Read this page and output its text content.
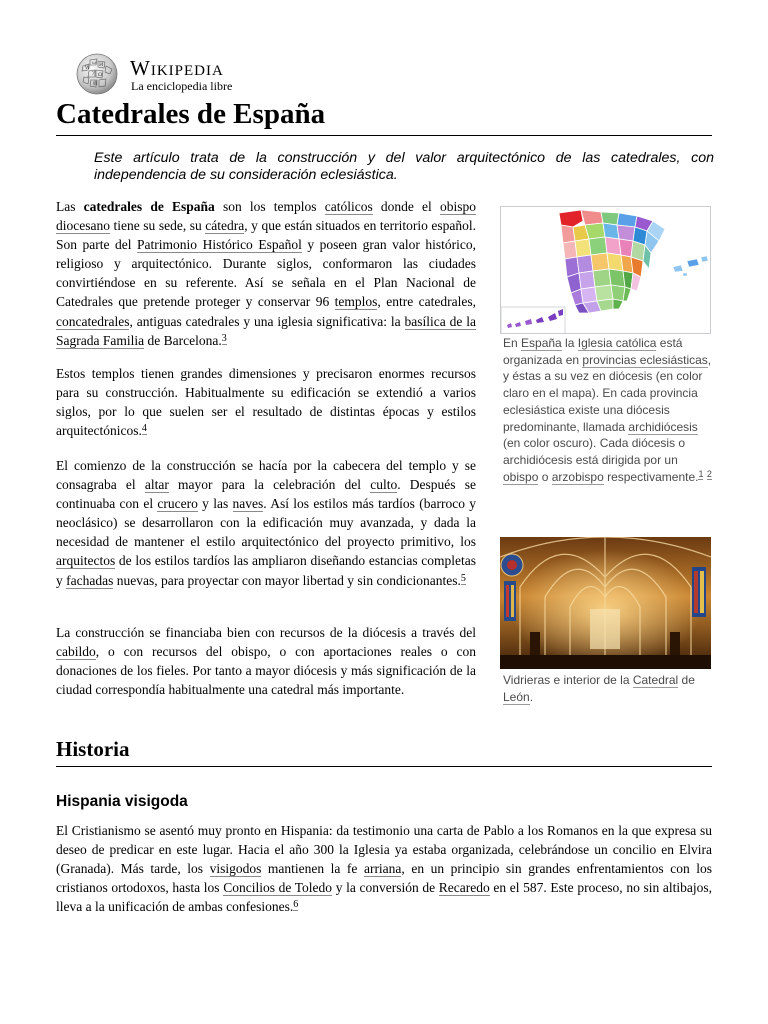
W
ω И
ア Ω
維
Wikipedia
La enciclopedia libre
Catedrales de España
Este artículo trata de la construcción y del valor arquitectónico de las catedrales, con independencia de su consideración eclesiástica.

Las catedrales de España son los templos católicos donde el obispo diocesano tiene su sede, su cátedra, y que están situados en territorio español. Son parte del Patrimonio Histórico Español y poseen gran valor histórico, religioso y arquitectónico. Durante siglos, conformaron las ciudades convirtiéndose en su referente. Así se señala en el Plan Nacional de Catedrales que pretende proteger y conservar 96 templos, entre catedrales, concatedrales, antiguas catedrales y una iglesia significativa: la basílica de la Sagrada Familia de Barcelona.$^3$

Estos templos tienen grandes dimensiones y precisaron enormes recursos para su construcción. Habitualmente su edificación se extendió a varios siglos, por lo que suelen ser el resultado de distintas épocas y estilos arquitectónicos.$^4$

El comienzo de la construcción se hacía por la cabecera del templo y se consagraba el altar mayor para la celebración del culto. Después se continuaba con el crucero y las naves. Así los estilos más tardíos (barroco y neoclásico) se desarrollaron con la edificación muy avanzada, y dada la necesidad de mantener el estilo arquitectónico del proyecto primitivo, los arquitectos de los estilos tardíos las ampliaron diseñando estancias completas y fachadas nuevas, para proyectar con mayor libertad y sin condicionantes.$^5$

La construcción se financiaba bien con recursos de la diócesis a través del cabildo, o con recursos del obispo, o con aportaciones reales o con donaciones de los fieles. Por tanto a mayor diócesis y más significación de la ciudad correspondía habitualmente una catedral más importante.

En España la Iglesia católica está organizada en provincias eclesiásticas, y éstas a su vez en diócesis (en color claro en el mapa). En cada provincia eclesiástica existe una diócesis predominante, llamada archidiócesis (en color oscuro). Cada diócesis o archidiócesis está dirigida por un obispo o arzobispo respectivamente.$^1$ $^2$
Vidrieras e interior de la Catedral de León.
Historia
Hispania visigoda

El Cristianismo se asentó muy pronto en Hispania: da testimonio una carta de Pablo a los Romanos en la que expresa su deseo de predicar en este lugar. Hacia el año 300 la Iglesia ya estaba organizada, celebrándose un concilio en Elvira (Granada). Más tarde, los visigodos mantienen la fe arriana, en un principio sin grandes enfrentamientos con los cristianos ortodoxos, hasta los Concilios de Toledo y la conversión de Recaredo en el 587. Este proceso, no sin altibajos, lleva a la unificación de ambas confesiones.$^6$
